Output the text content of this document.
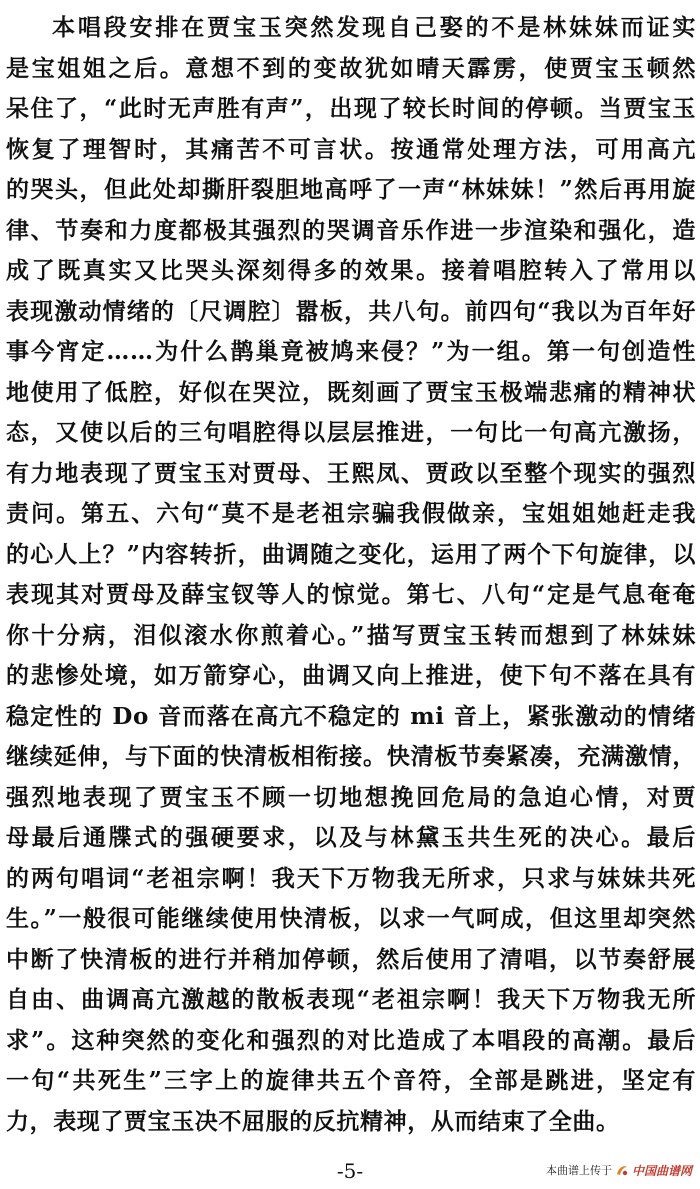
本唱段安排在贾宝玉突然发现自己娶的不是林妹妹而证实
是宝姐姐之后。意想不到的变故犹如晴天霹雳，使贾宝玉顿然
呆住了，“此时无声胜有声”，出现了较长时间的停顿。当贾宝玉
恢复了理智时，其痛苦不可言状。按通常处理方法，可用高亢
的哭头，但此处却撕肝裂胆地高呼了一声“林妹妹！”然后再用旋
律、节奏和力度都极其强烈的哭调音乐作进一步渲染和强化，造
成了既真实又比哭头深刻得多的效果。接着唱腔转入了常用以
表现激动情绪的〔尺调腔〕嚣板，共八句。前四句“我以为百年好
事今宵定……为什么鹊巢竟被鸠来侵？”为一组。第一句创造性
地使用了低腔，好似在哭泣，既刻画了贾宝玉极端悲痛的精神状
态，又使以后的三句唱腔得以层层推进，一句比一句高亢激扬，
有力地表现了贾宝玉对贾母、王熙凤、贾政以至整个现实的强烈
责问。第五、六句“莫不是老祖宗骗我假做亲，宝姐姐她赶走我
的心人上？”内容转折，曲调随之变化，运用了两个下句旋律，以
表现其对贾母及薛宝钗等人的惊觉。第七、八句“定是气息奄奄
你十分病，泪似滚水你煎着心。”描写贾宝玉转而想到了林妹妹
的悲惨处境，如万箭穿心，曲调又向上推进，使下句不落在具有
稳定性的 Do 音而落在高亢不稳定的 mi 音上，紧张激动的情绪
继续延伸，与下面的快清板相衔接。快清板节奏紧凑，充满激情，
强烈地表现了贾宝玉不顾一切地想挽回危局的急迫心情，对贾
母最后通牒式的强硬要求，以及与林黛玉共生死的决心。最后
的两句唱词“老祖宗啊！我天下万物我无所求，只求与妹妹共死
生。”一般很可能继续使用快清板，以求一气呵成，但这里却突然
中断了快清板的进行并稍加停顿，然后使用了清唱，以节奏舒展
自由、曲调高亢激越的散板表现“老祖宗啊！我天下万物我无所
求”。这种突然的变化和强烈的对比造成了本唱段的高潮。最后
一句“共死生”三字上的旋律共五个音符，全部是跳进，坚定有
力，表现了贾宝玉决不屈服的反抗精神，从而结束了全曲。
-5-	本曲谱上传于 中国曲谱网
